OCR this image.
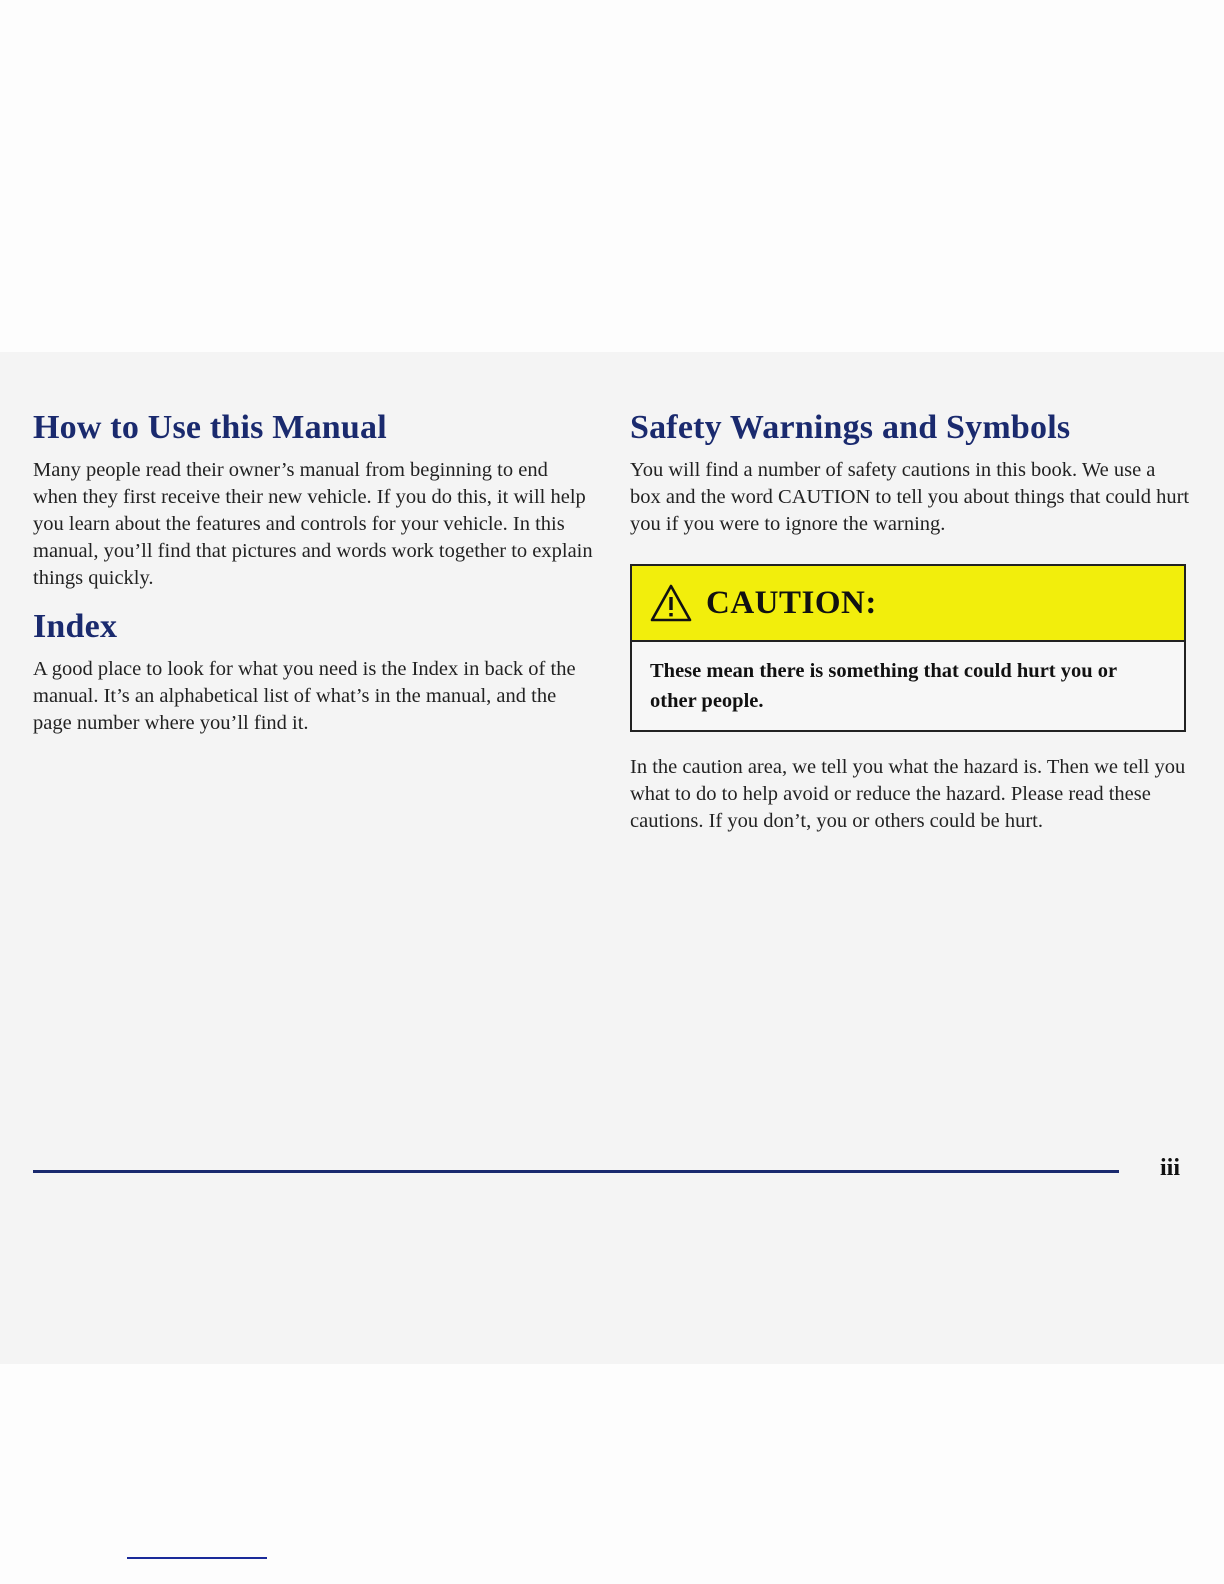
How to Use this Manual

Many people read their owner’s manual from beginning to end when they first receive their new vehicle. If you do this, it will help you learn about the features and controls for your vehicle. In this manual, you’ll find that pictures and words work together to explain things quickly.

Index

A good place to look for what you need is the Index in back of the manual. It’s an alphabetical list of what’s in the manual, and the page number where you’ll find it.

Safety Warnings and Symbols

You will find a number of safety cautions in this book. We use a box and the word CAUTION to tell you about things that could hurt you if you were to ignore the warning.

CAUTION:
These mean there is something that could hurt you or other people.

In the caution area, we tell you what the hazard is. Then we tell you what to do to help avoid or reduce the hazard. Please read these cautions. If you don’t, you or others could be hurt.

iii
